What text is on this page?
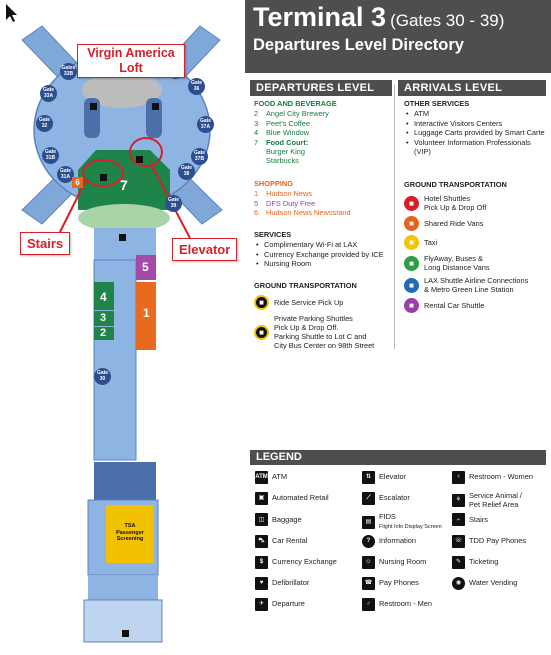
Gates 33B
Gate 36
Gate 33A
Gate 37A
Gate 32
Gate 37B
Gate 31B
Gate 38
Gate 31A
Gate 39
Gate 30
7
5
1
4
3
2
6
TSA Passenger Screening
Virgin America Loft
Stairs	Elevator
Terminal 3 (Gates 30 - 39)
Departures Level Directory
DEPARTURES LEVEL	ARRIVALS LEVEL
FOOD AND BEVERAGE
2	Angel City Brewery
3	Peet's Coffee
4	Blue Window
7	Food Court:
Burger King
Starbucks
SHOPPING
1	Hudson News
5	DFS Duty Free
6	Hudson News Newsstand
SERVICES
• Complimentary Wi-Fi at LAX
• Currency Exchange provided by ICE
• Nursing Room
GROUND TRANSPORTATION
■	Ride Service Pick Up
■
Private Parking Shuttles
Pick Up & Drop Off.
Parking Shuttle to Lot C and
City Bus Center on 98th Street
OTHER SERVICES
• ATM
• Interactive Visitors Centers
• Luggage Carts provided by Smart Carte
• Volunteer Information Professionals (VIP)
GROUND TRANSPORTATION
■	Hotel Shuttles
Pick Up & Drop Off
■	Shared Ride Vans
■	Taxi
■	FlyAway, Buses &
Long Distance Vans
■	LAX Shuttle Airline Connections
& Metro Green Line Station
■	Rental Car Shuttle
LEGEND
ATM ATM
▣	Automated Retail
◫	Baggage
⛍	Car Rental
$	Currency Exchange
♥	Defibrillator
✈	Departure
⇅	Elevator
⟋	Escalator
▤
FIDS
Flight Info Display Screen
?	Information
☺	Nursing Room
☎ Pay Phones
♂	Restroom - Men
♀	Restroom - Women
⚘
Service Animal /
Pet Relief Area
⌐	Stairs
☏ TDD Pay Phones
✎	Ticketing
◉	Water Vending
